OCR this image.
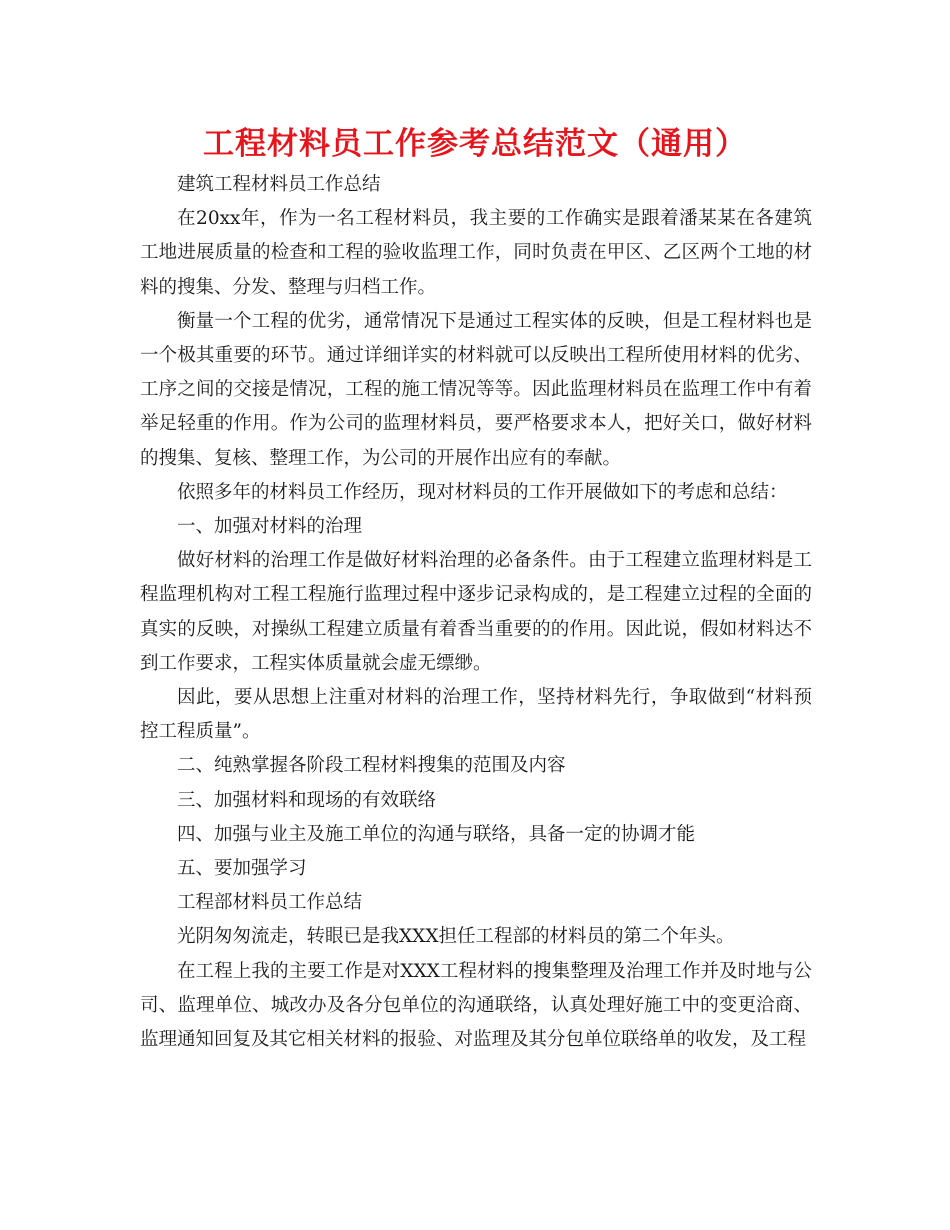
工程材料员工作参考总结范文（通用）

建筑工程材料员工作总结

在20xx年，作为一名工程材料员，我主要的工作确实是跟着潘某某在各建筑工地进展质量的检查和工程的验收监理工作，同时负责在甲区、乙区两个工地的材料的搜集、分发、整理与归档工作。

衡量一个工程的优劣，通常情况下是通过工程实体的反映，但是工程材料也是一个极其重要的环节。通过详细详实的材料就可以反映出工程所使用材料的优劣、工序之间的交接是情况，工程的施工情况等等。因此监理材料员在监理工作中有着举足轻重的作用。作为公司的监理材料员，要严格要求本人，把好关口，做好材料的搜集、复核、整理工作，为公司的开展作出应有的奉献。

依照多年的材料员工作经历，现对材料员的工作开展做如下的考虑和总结：

一、加强对材料的治理

做好材料的治理工作是做好材料治理的必备条件。由于工程建立监理材料是工程监理机构对工程工程施行监理过程中逐步记录构成的，是工程建立过程的全面的真实的反映，对操纵工程建立质量有着香当重要的的作用。因此说，假如材料达不到工作要求，工程实体质量就会虚无缥缈。

因此，要从思想上注重对材料的治理工作，坚持材料先行，争取做到“材料预控工程质量”。

二、纯熟掌握各阶段工程材料搜集的范围及内容

三、加强材料和现场的有效联络

四、加强与业主及施工单位的沟通与联络，具备一定的协调才能

五、要加强学习

工程部材料员工作总结

光阴匆匆流走，转眼已是我XXX担任工程部的材料员的第二个年头。

在工程上我的主要工作是对XXX工程材料的搜集整理及治理工作并及时地与公司、监理单位、城改办及各分包单位的沟通联络，认真处理好施工中的变更洽商、监理通知回复及其它相关材料的报验、对监理及其分包单位联络单的收发，及工程
